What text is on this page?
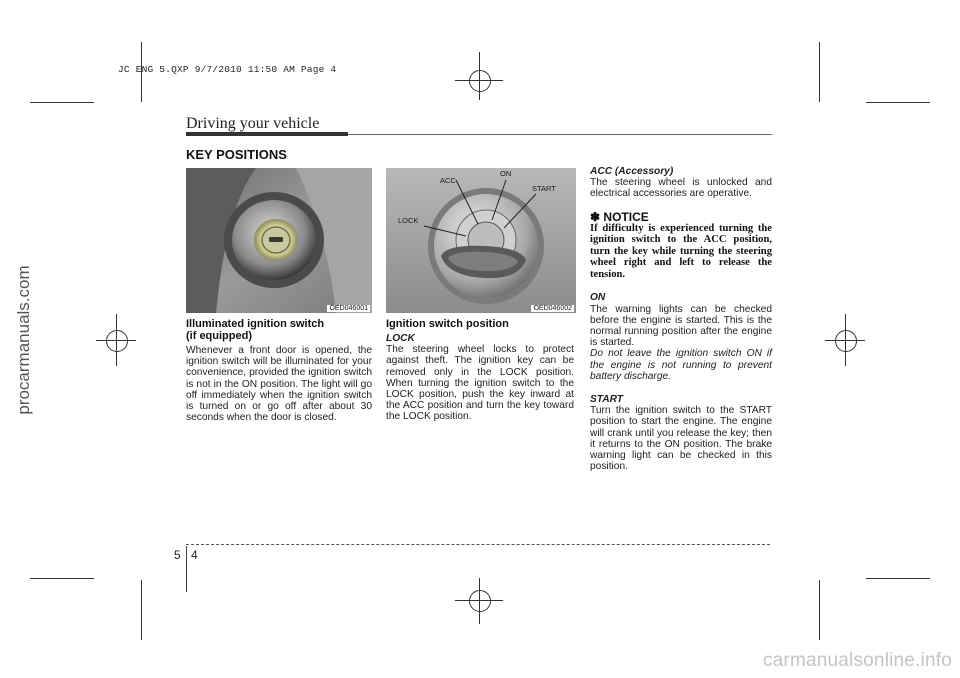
JC ENG 5.QXP 9/7/2010 11:50 AM Page 4
procarmanuals.com
Driving your vehicle
KEY POSITIONS
OED046001
ACC
ON
START
LOCK
OED046002

Illuminated ignition switch (if equipped)

Whenever a front door is opened, the ignition switch will be illuminated for your convenience, provided the ignition switch is not in the ON position. The light will go off immediately when the ignition switch is turned on or go off after about 30 seconds when the door is closed.

Ignition switch position

LOCK

The steering wheel locks to protect against theft. The ignition key can be removed only in the LOCK position. When turning the ignition switch to the LOCK position, push the key inward at the ACC position and turn the key toward the LOCK position.

ACC (Accessory)

The steering wheel is unlocked and electrical accessories are operative.

✽ NOTICE

If difficulty is experienced turning the ignition switch to the ACC position, turn the key while turning the steering wheel right and left to release the tension.

ON

The warning lights can be checked before the engine is started. This is the normal running position after the engine is started.

Do not leave the ignition switch ON if the engine is not running to prevent battery discharge.

START

Turn the ignition switch to the START position to start the engine. The engine will crank until you release the key; then it returns to the ON position. The brake warning light can be checked in this position.

5 4
carmanualsonline.info
